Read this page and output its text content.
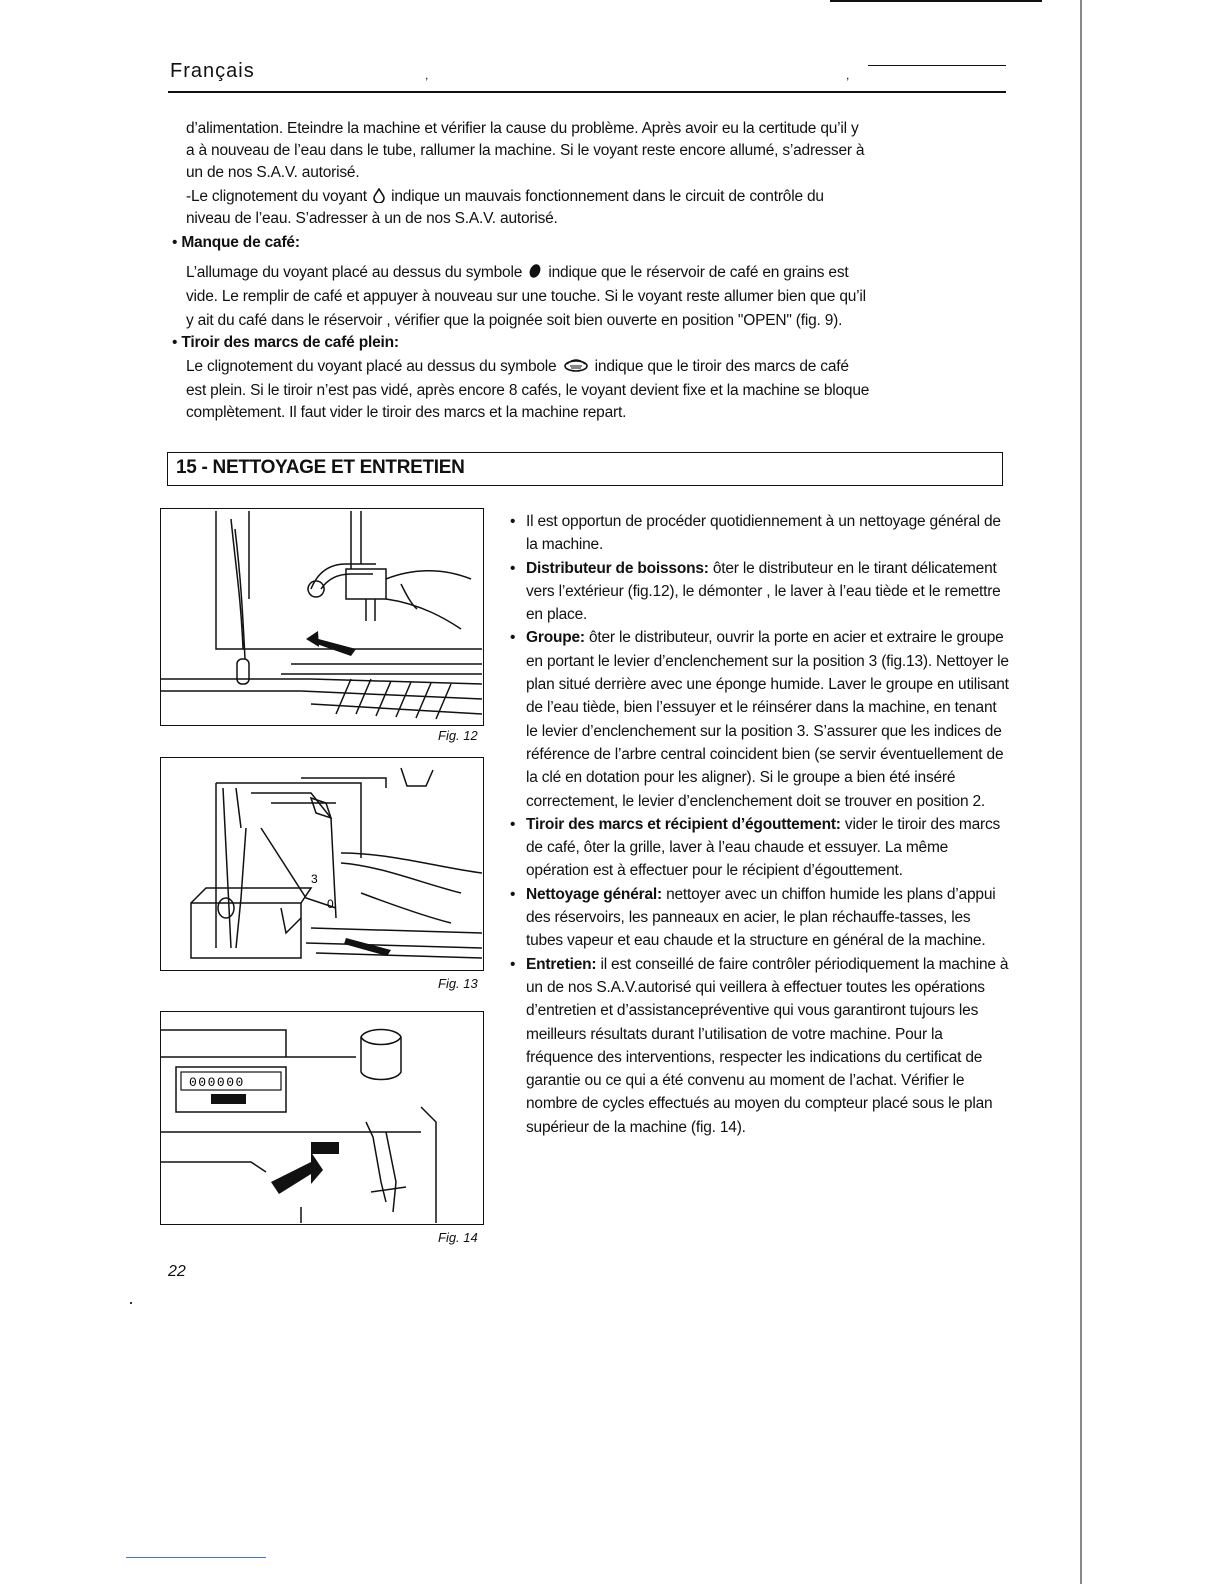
Français	,	,
d’alimentation. Eteindre la machine et vérifier la cause du problème. Après avoir eu la certitude qu’il y
a à nouveau de l’eau dans le tube, rallumer la machine. Si le voyant reste encore allumé, s’adresser à
un de nos S.A.V. autorisé.
-Le clignotement du voyant indique un mauvais fonctionnement dans le circuit de contrôle du
niveau de l’eau. S’adresser à un de nos S.A.V. autorisé.
• Manque de café:
L’allumage du voyant placé au dessus du symbole indique que le réservoir de café en grains est
vide. Le remplir de café et appuyer à nouveau sur une touche. Si le voyant reste allumer bien que qu’il
y ait du café dans le réservoir , vérifier que la poignée soit bien ouverte en position "OPEN" (fig. 9).
• Tiroir des marcs de café plein:
Le clignotement du voyant placé au dessus du symbole indique que le tiroir des marcs de café
est plein. Si le tiroir n’est pas vidé, après encore 8 cafés, le voyant devient fixe et la machine se bloque
complètement. Il faut vider le tiroir des marcs et la machine repart.
15 - NETTOYAGE ET ENTRETIEN
Fig. 12
3
0
Fig. 13
000000
Fig. 14

• Il est opportun de procéder quotidiennement à un nettoyage général de la machine.

• Distributeur de boissons: ôter le distributeur en le tirant délicatement vers l’extérieur (fig.12), le démonter , le laver à l’eau tiède et le remettre en place.

• Groupe: ôter le distributeur, ouvrir la porte en acier et extraire le groupe en portant le levier d’enclenchement sur la position 3 (fig.13). Nettoyer le plan situé derrière avec une éponge humide. Laver le groupe en utilisant de l’eau tiède, bien l’essuyer et le réinsérer dans la machine, en tenant le levier d’enclenchement sur la position 3. S’assurer que les indices de référence de l’arbre central coincident bien (se servir éventuellement de la clé en dotation pour les aligner). Si le groupe a bien été inséré correctement, le levier d’enclenchement doit se trouver en position 2.

• Tiroir des marcs et récipient d’égouttement: vider le tiroir des marcs de café, ôter la grille, laver à l’eau chaude et essuyer. La même opération est à effectuer pour le récipient d’égouttement.

• Nettoyage général: nettoyer avec un chiffon humide les plans d’appui des réservoirs, les panneaux en acier, le plan réchauffe-tasses, les tubes vapeur et eau chaude et la structure en général de la machine.

• Entretien: il est conseillé de faire contrôler périodiquement la machine à un de nos S.A.V.autorisé qui veillera à effectuer toutes les opérations d’entretien et d’assistancepréventive qui vous garantiront tujours les meilleurs résultats durant l’utilisation de votre machine. Pour la fréquence des interventions, respecter les indications du certificat de garantie ou ce qui a été convenu au moment de l’achat. Vérifier le nombre de cycles effectués au moyen du compteur placé sous le plan supérieur de la machine (fig. 14).

22
